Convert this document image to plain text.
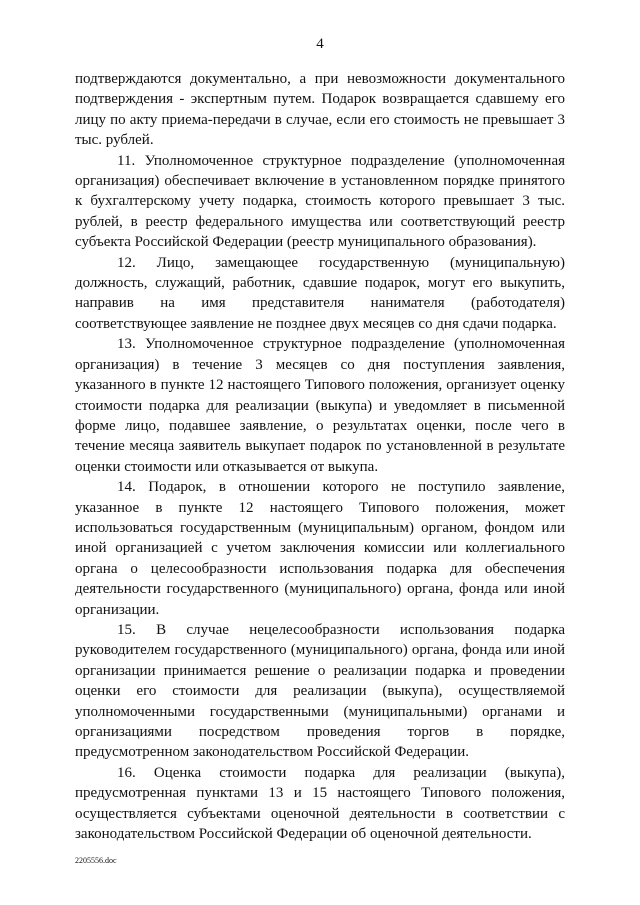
4

подтверждаются документально, а при невозможности документального подтверждения - экспертным путем. Подарок возвращается сдавшему его лицу по акту приема-передачи в случае, если его стоимость не превышает 3 тыс. рублей.

11. Уполномоченное структурное подразделение (уполномоченная организация) обеспечивает включение в установленном порядке принятого к бухгалтерскому учету подарка, стоимость которого превышает 3 тыс. рублей, в реестр федерального имущества или соответствующий реестр субъекта Российской Федерации (реестр муниципального образования).

12. Лицо, замещающее государственную (муниципальную) должность, служащий, работник, сдавшие подарок, могут его выкупить, направив на имя представителя нанимателя (работодателя) соответствующее заявление не позднее двух месяцев со дня сдачи подарка.

13. Уполномоченное структурное подразделение (уполномоченная организация) в течение 3 месяцев со дня поступления заявления, указанного в пункте 12 настоящего Типового положения, организует оценку стоимости подарка для реализации (выкупа) и уведомляет в письменной форме лицо, подавшее заявление, о результатах оценки, после чего в течение месяца заявитель выкупает подарок по установленной в результате оценки стоимости или отказывается от выкупа.

14. Подарок, в отношении которого не поступило заявление, указанное в пункте 12 настоящего Типового положения, может использоваться государственным (муниципальным) органом, фондом или иной организацией с учетом заключения комиссии или коллегиального органа о целесообразности использования подарка для обеспечения деятельности государственного (муниципального) органа, фонда или иной организации.

15. В случае нецелесообразности использования подарка руководителем государственного (муниципального) органа, фонда или иной организации принимается решение о реализации подарка и проведении оценки его стоимости для реализации (выкупа), осуществляемой уполномоченными государственными (муниципальными) органами и организациями посредством проведения торгов в порядке, предусмотренном законодательством Российской Федерации.

16. Оценка стоимости подарка для реализации (выкупа), предусмотренная пунктами 13 и 15 настоящего Типового положения, осуществляется субъектами оценочной деятельности в соответствии с законодательством Российской Федерации об оценочной деятельности.

2205556.doc
